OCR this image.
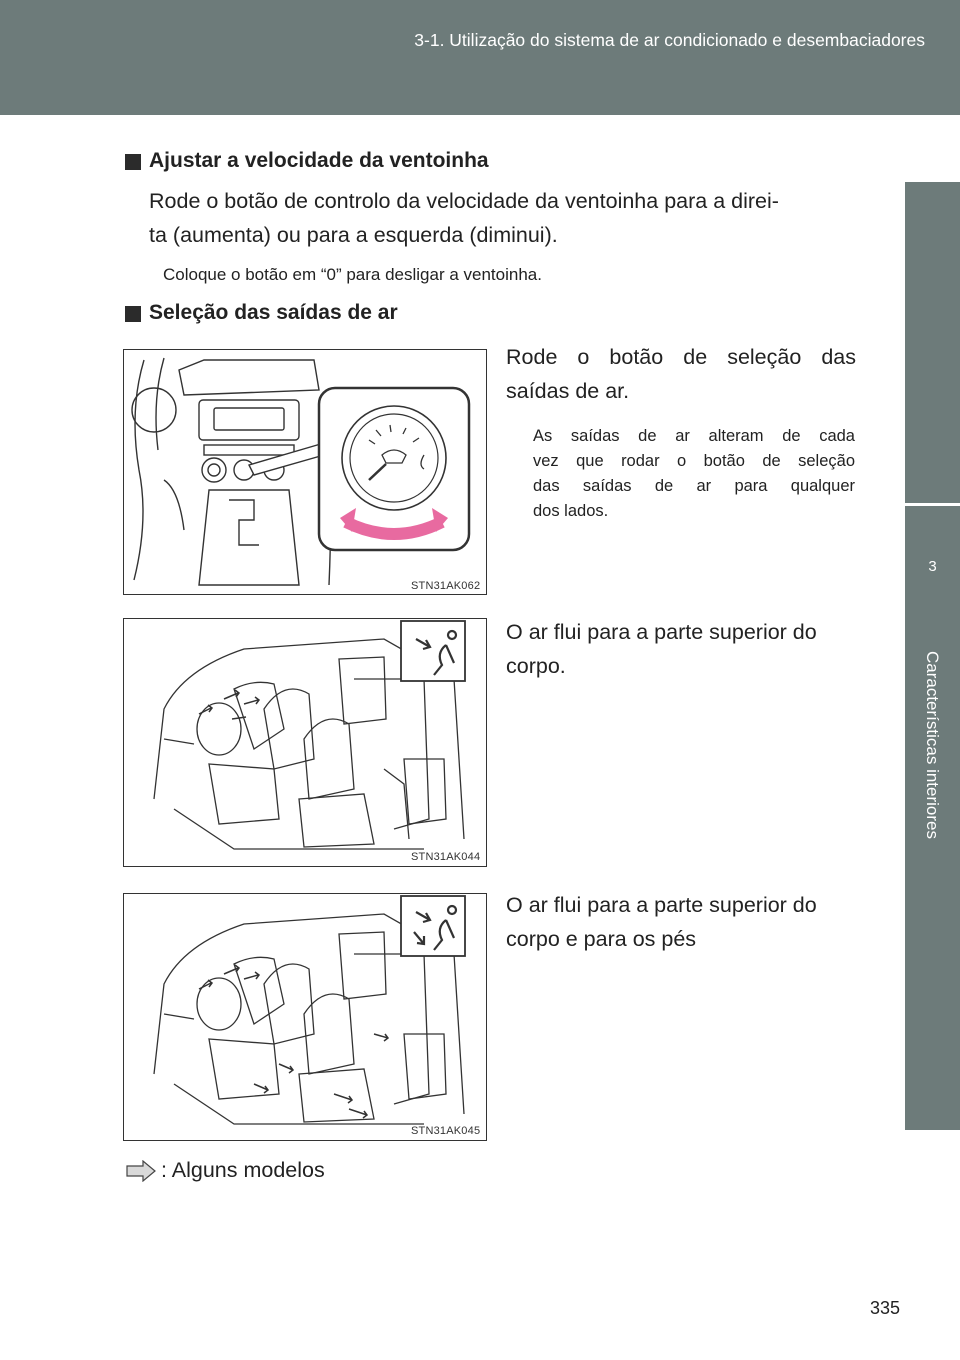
3-1. Utilização do sistema de ar condicionado e desembaciadores
3
Características interiores
Ajustar a velocidade da ventoinha
Rode o botão de controlo da velocidade da ventoinha para a direi-
ta (aumenta) ou para a esquerda (diminui).
Coloque o botão em “0” para desligar a ventoinha.
Seleção das saídas de ar
STN31AK062
Rode o botão de seleção das
saídas de ar.
As saídas de ar alteram de cada
vez que rodar o botão de seleção
das saídas de ar para qualquer
dos lados.
STN31AK044
O ar flui para a parte superior do
corpo.
STN31AK045
O ar flui para a parte superior do
corpo e para os pés
: Alguns modelos
335
